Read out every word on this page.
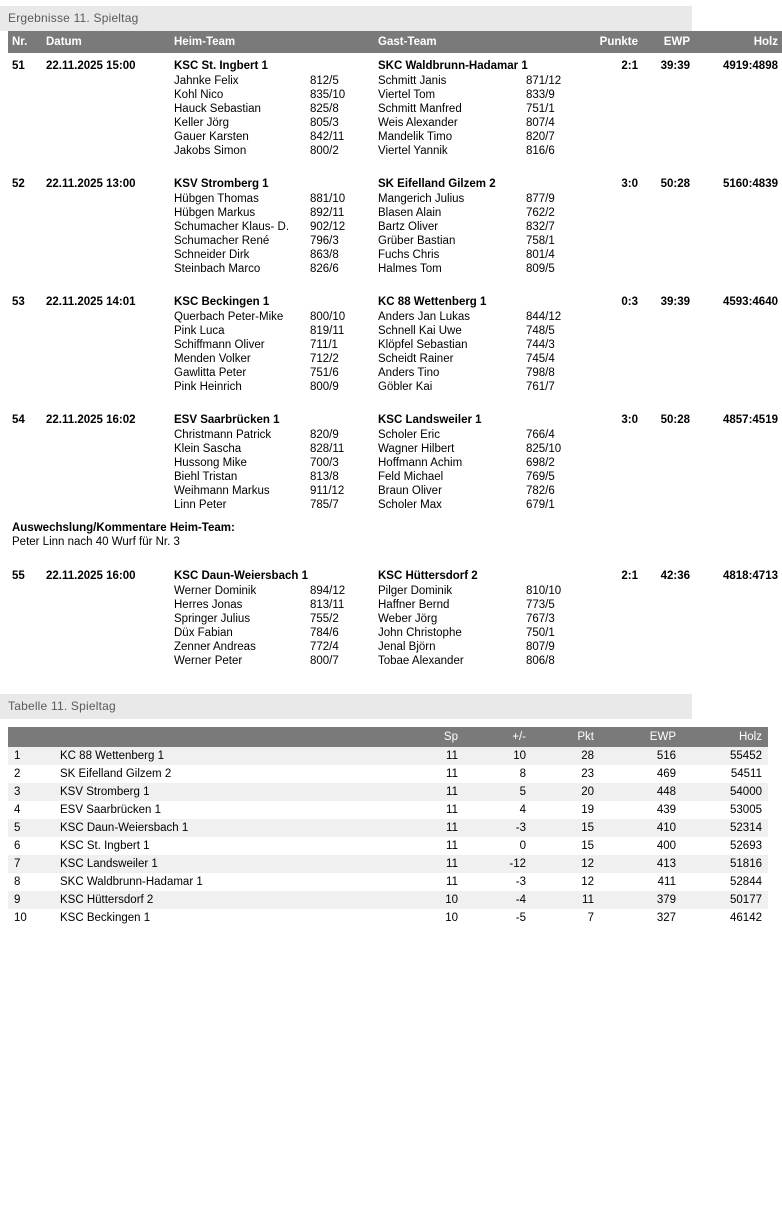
Ergebnisse 11. Spieltag
Nr.	Datum	Heim-Team		Gast-Team		Punkte	EWP	Holz
51	22.11.2025 15:00	KSC St. Ingbert 1		SKC Waldbrunn-Hadamar 1		2:1	39:39	4919:4898
		Jahnke Felix	812/5	Schmitt Janis	871/12			
		Kohl Nico	835/10	Viertel Tom	833/9			
		Hauck Sebastian	825/8	Schmitt Manfred	751/1			
		Keller Jörg	805/3	Weis Alexander	807/4			
		Gauer Karsten	842/11	Mandelik Timo	820/7			
		Jakobs Simon	800/2	Viertel Yannik	816/6			

52	22.11.2025 13:00	KSV Stromberg 1		SK Eifelland Gilzem 2		3:0	50:28	5160:4839
		Hübgen Thomas	881/10	Mangerich Julius	877/9			
		Hübgen Markus	892/11	Blasen Alain	762/2			
		Schumacher Klaus- D.	902/12	Bartz Oliver	832/7			
		Schumacher René	796/3	Grüber Bastian	758/1			
		Schneider Dirk	863/8	Fuchs Chris	801/4			
		Steinbach Marco	826/6	Halmes Tom	809/5			

53	22.11.2025 14:01	KSC Beckingen 1		KC 88 Wettenberg 1		0:3	39:39	4593:4640
		Querbach Peter-Mike	800/10	Anders Jan Lukas	844/12			
		Pink Luca	819/11	Schnell Kai Uwe	748/5			
		Schiffmann Oliver	711/1	Klöpfel Sebastian	744/3			
		Menden Volker	712/2	Scheidt Rainer	745/4			
		Gawlitta Peter	751/6	Anders Tino	798/8			
		Pink Heinrich	800/9	Göbler Kai	761/7			

54	22.11.2025 16:02	ESV Saarbrücken 1		KSC Landsweiler 1		3:0	50:28	4857:4519
		Christmann Patrick	820/9	Scholer Eric	766/4			
		Klein Sascha	828/11	Wagner Hilbert	825/10			
		Hussong Mike	700/3	Hoffmann Achim	698/2			
		Biehl Tristan	813/8	Feld Michael	769/5			
		Weihmann Markus	911/12	Braun Oliver	782/6			
		Linn Peter	785/7	Scholer Max	679/1			
Auswechslung/Kommentare Heim-Team:								
Peter Linn nach 40 Wurf für Nr. 3								

55	22.11.2025 16:00	KSC Daun-Weiersbach 1		KSC Hüttersdorf 2		2:1	42:36	4818:4713
		Werner Dominik	894/12	Pilger Dominik	810/10			
		Herres Jonas	813/11	Haffner Bernd	773/5			
		Springer Julius	755/2	Weber Jörg	767/3			
		Düx Fabian	784/6	John Christophe	750/1			
		Zenner Andreas	772/4	Jenal Björn	807/9			
		Werner Peter	800/7	Tobae Alexander	806/8			
Tabelle 11. Spieltag
		Sp	+/-	Pkt	EWP	Holz
1	KC 88 Wettenberg 1	11	10	28	516	55452
2	SK Eifelland Gilzem 2	11	8	23	469	54511
3	KSV Stromberg 1	11	5	20	448	54000
4	ESV Saarbrücken 1	11	4	19	439	53005
5	KSC Daun-Weiersbach 1	11	-3	15	410	52314
6	KSC St. Ingbert 1	11	0	15	400	52693
7	KSC Landsweiler 1	11	-12	12	413	51816
8	SKC Waldbrunn-Hadamar 1	11	-3	12	411	52844
9	KSC Hüttersdorf 2	10	-4	11	379	50177
10	KSC Beckingen 1	10	-5	7	327	46142
